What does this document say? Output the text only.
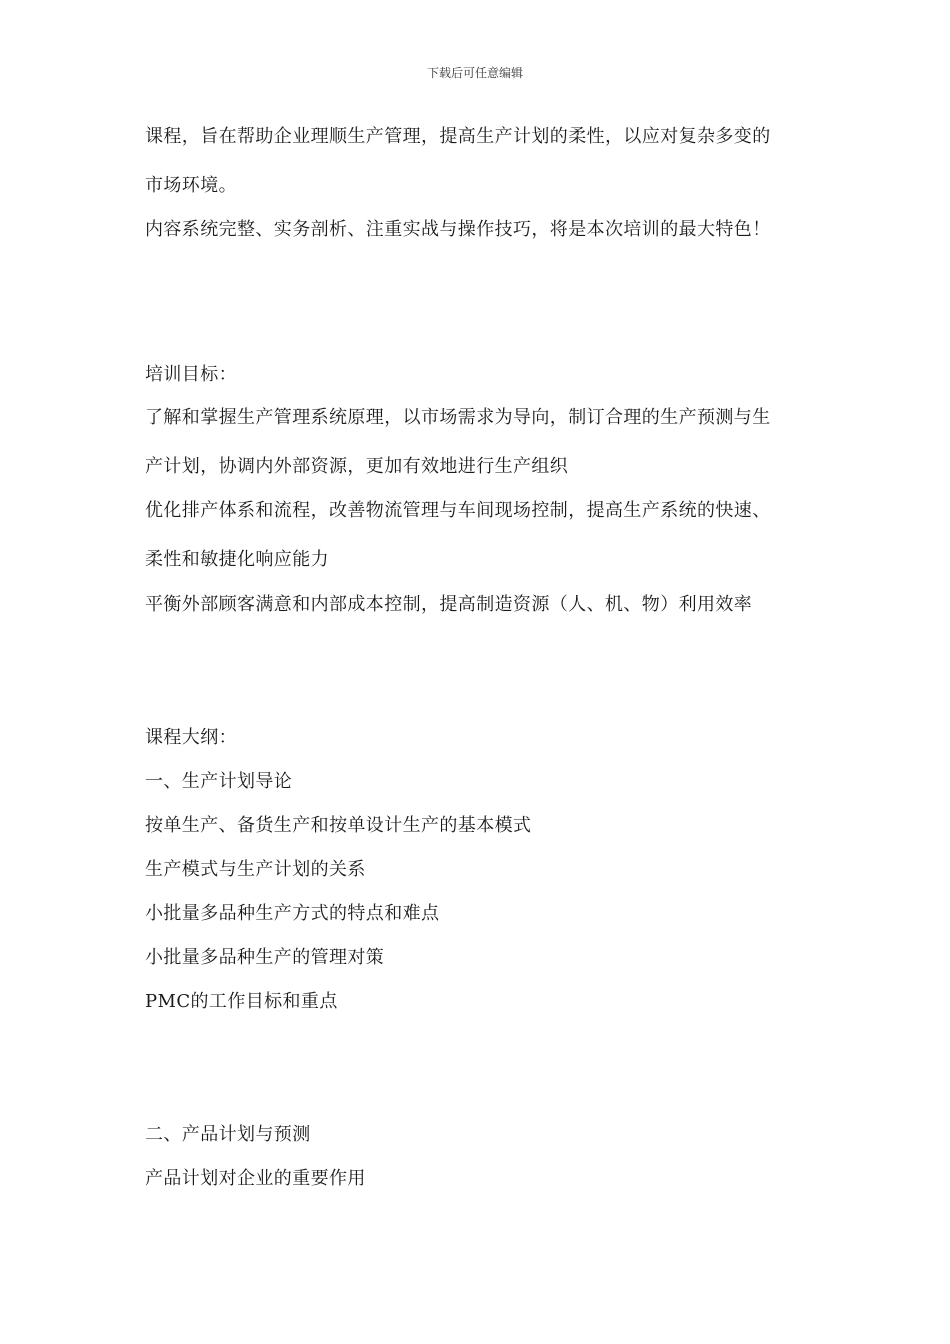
下载后可任意编辑
课程，旨在帮助企业理顺生产管理，提高生产计划的柔性，以应对复杂多变的
市场环境。
内容系统完整、实务剖析、注重实战与操作技巧，将是本次培训的最大特色！
培训目标：
了解和掌握生产管理系统原理，以市场需求为导向，制订合理的生产预测与生
产计划，协调内外部资源，更加有效地进行生产组织
优化排产体系和流程，改善物流管理与车间现场控制，提高生产系统的快速、
柔性和敏捷化响应能力
平衡外部顾客满意和内部成本控制，提高制造资源（人、机、物）利用效率
课程大纲：
一、生产计划导论
按单生产、备货生产和按单设计生产的基本模式
生产模式与生产计划的关系
小批量多品种生产方式的特点和难点
小批量多品种生产的管理对策
PMC的工作目标和重点
二、产品计划与预测
产品计划对企业的重要作用
